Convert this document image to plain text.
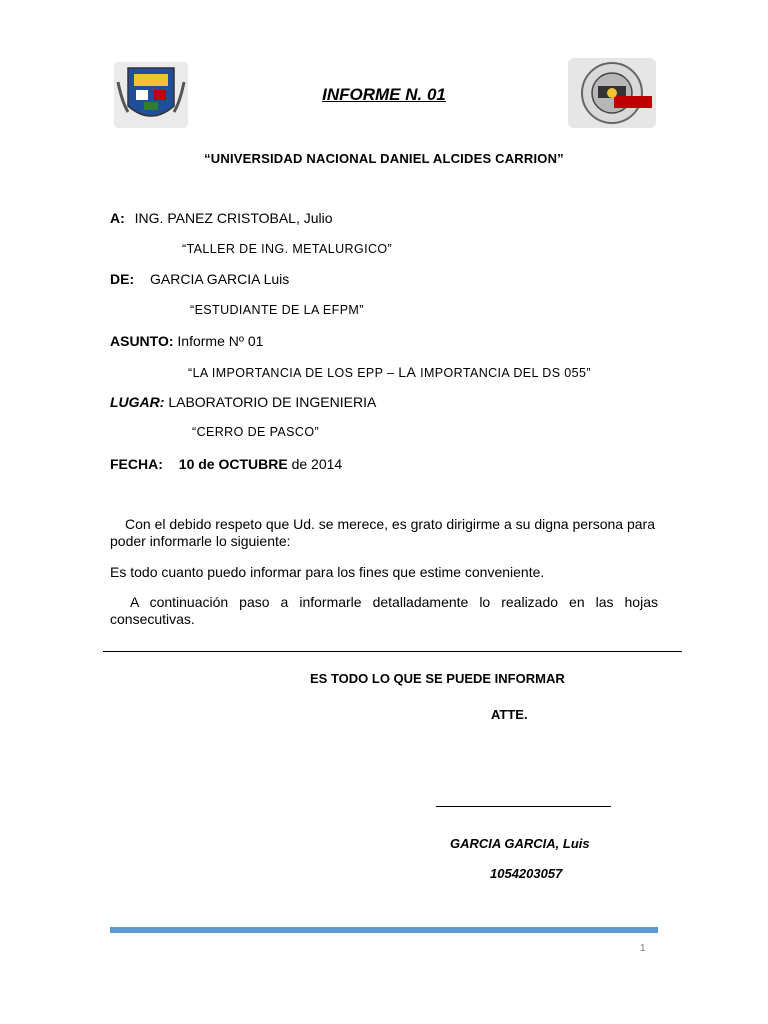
INFORME N. 01
“UNIVERSIDAD NACIONAL DANIEL ALCIDES CARRION”
A: ING. PANEZ CRISTOBAL, Julio
“TALLER DE ING. METALURGICO”
DE: GARCIA GARCIA Luis
“ESTUDIANTE DE LA EFPM”
ASUNTO: Informe Nº 01
“LA IMPORTANCIA DE LOS EPP – LA IMPORTANCIA DEL DS 055”
LUGAR: LABORATORIO DE INGENIERIA
“CERRO DE PASCO”
FECHA: 10 de OCTUBRE de 2014
Con el debido respeto que Ud. se merece, es grato dirigirme a su digna persona para poder informarle lo siguiente:
Es todo cuanto puedo informar para los fines que estime conveniente.
A continuación paso a informarle detalladamente lo realizado en las hojas consecutivas.
ES TODO LO QUE SE PUEDE INFORMAR
ATTE.
GARCIA GARCIA, Luis
1054203057
1
